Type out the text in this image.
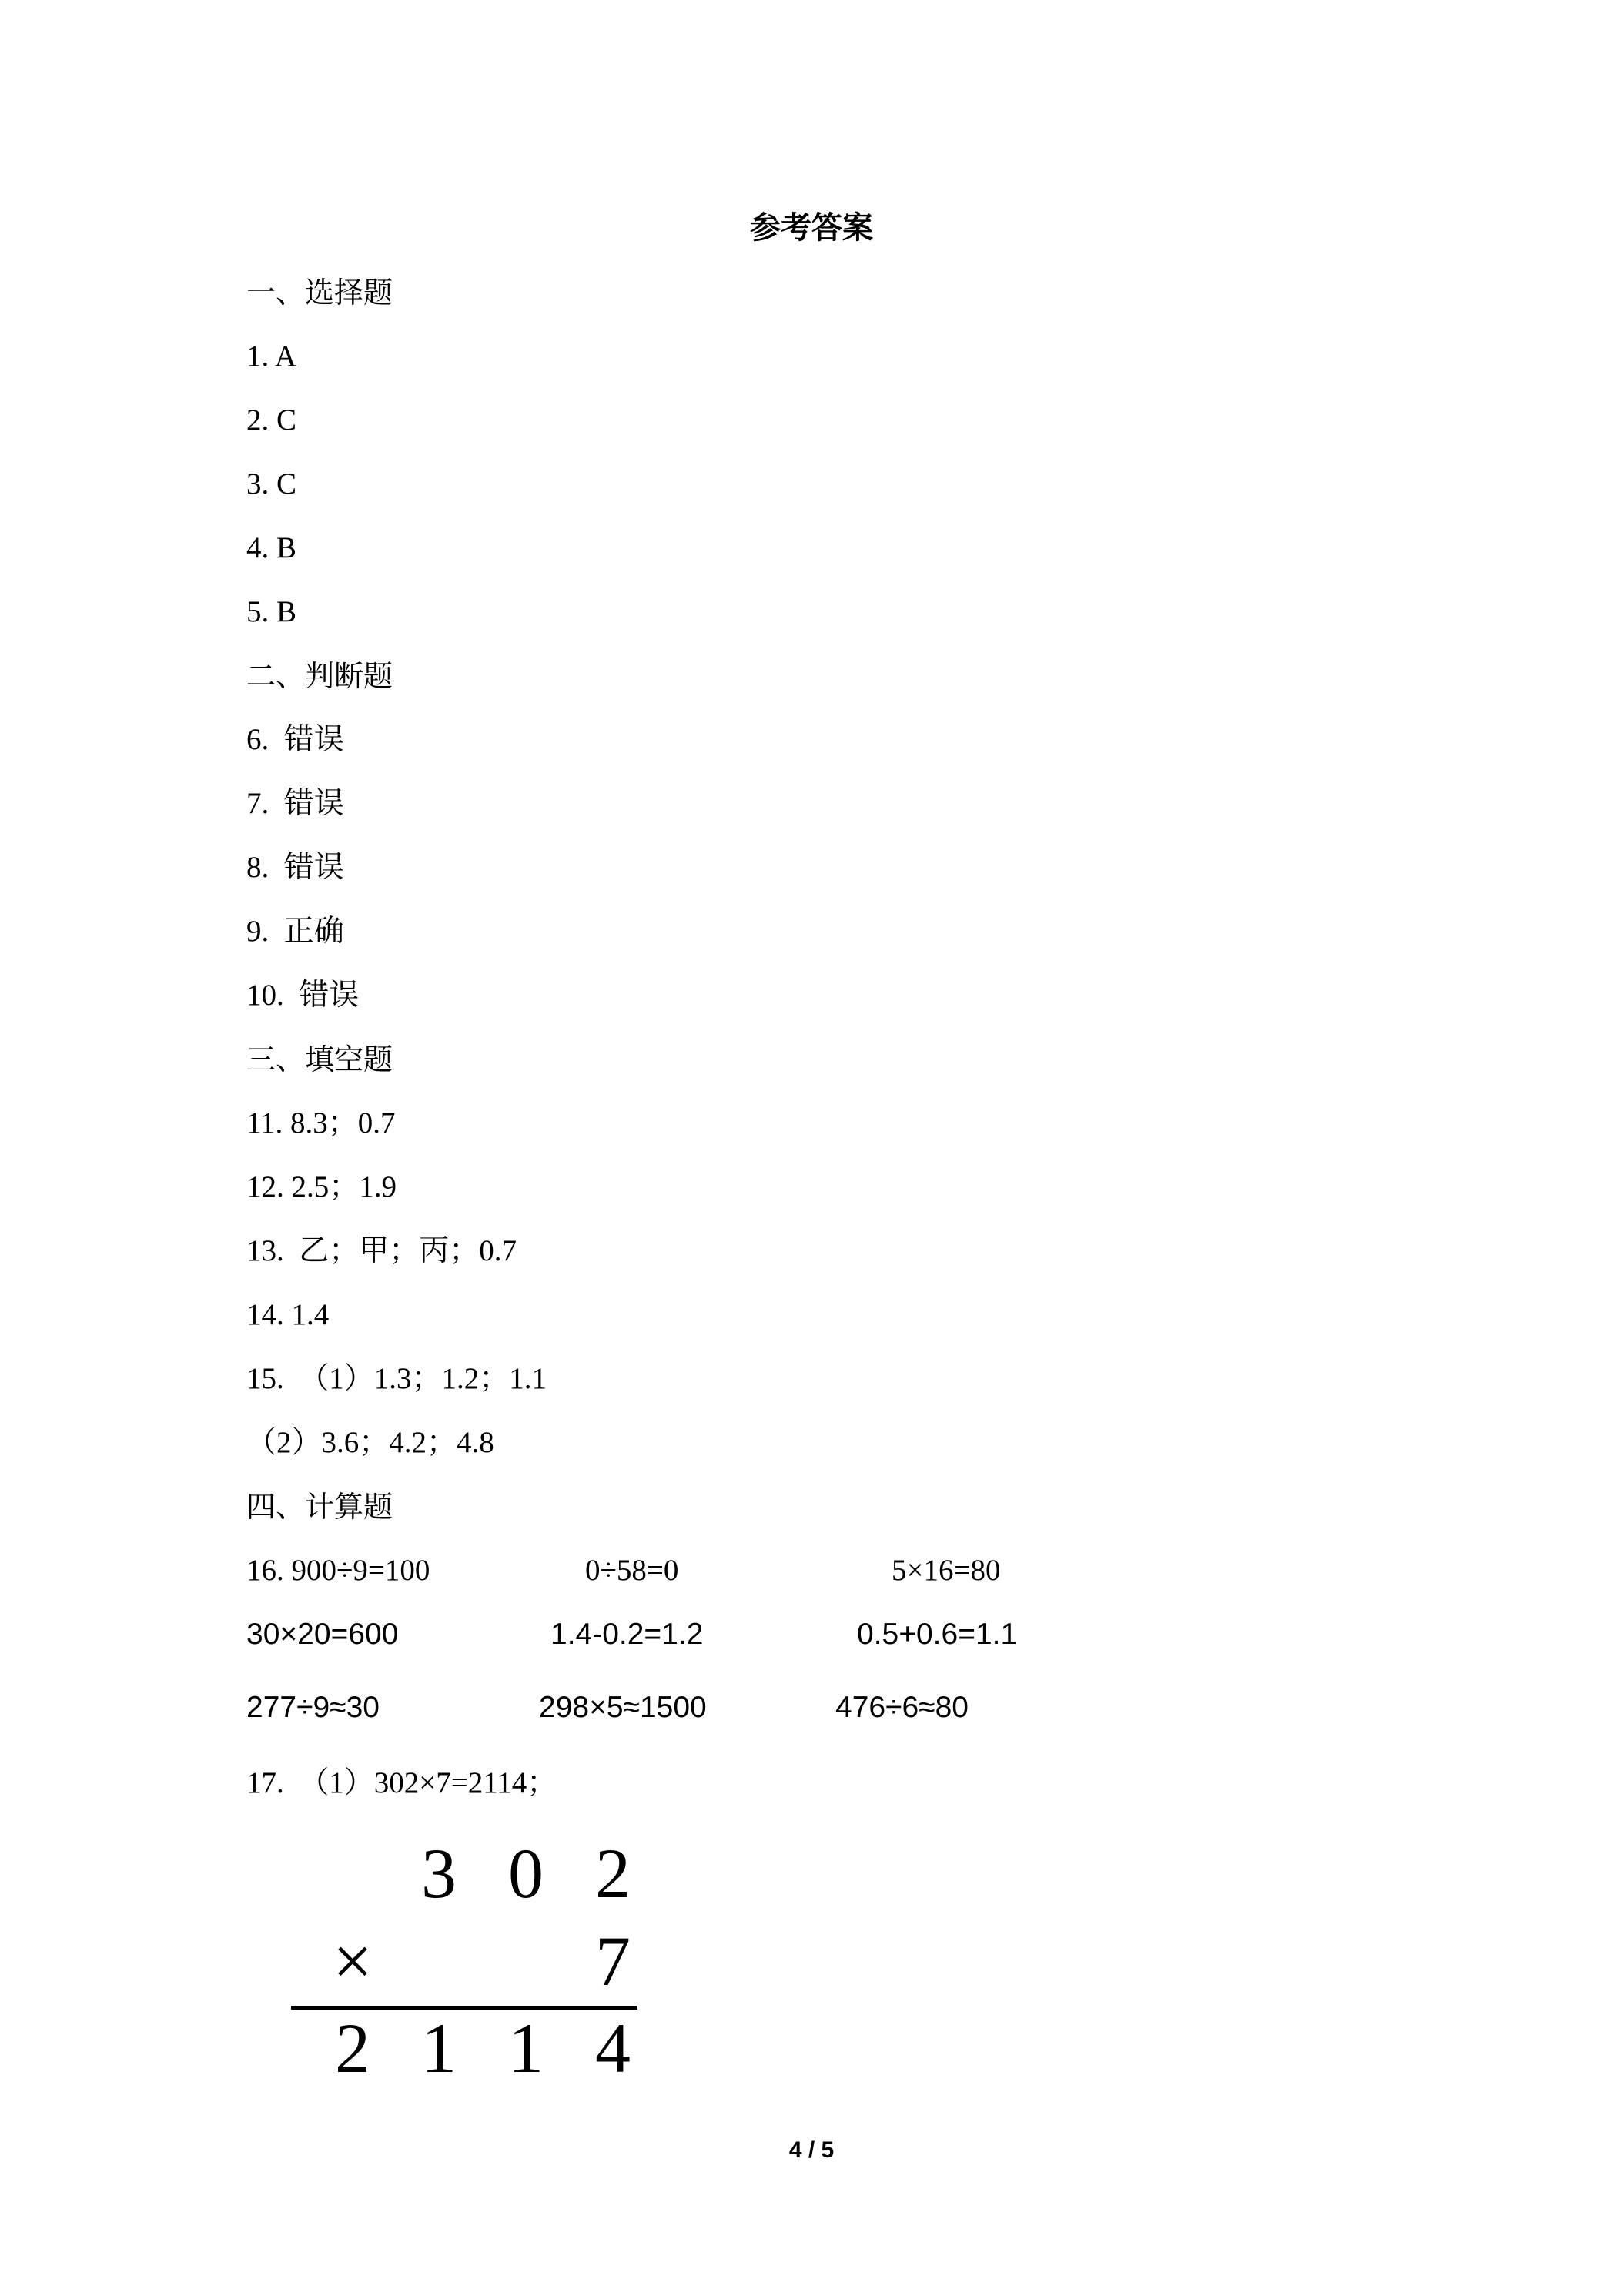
参考答案
一、选择题
1. A
2. C
3. C
4. B
5. B
二、判断题
6.  错误
7.  错误
8.  错误
9.  正确
10.  错误
三、填空题
11. 8.3；0.7
12. 2.5；1.9
13.  乙；甲；丙；0.7
14. 1.4
15.  （1）1.3；1.2；1.1
（2）3.6；4.2；4.8
四、计算题
16. 900÷9=100	0÷58=0	5×16=80
30×20=600	1.4-0.2=1.2	0.5+0.6=1.1
277÷9≈30	298×5≈1500	476÷6≈80
17.  （1）302×7=2114；
3 0 2
×	7
2 1 1 4
4 / 5
